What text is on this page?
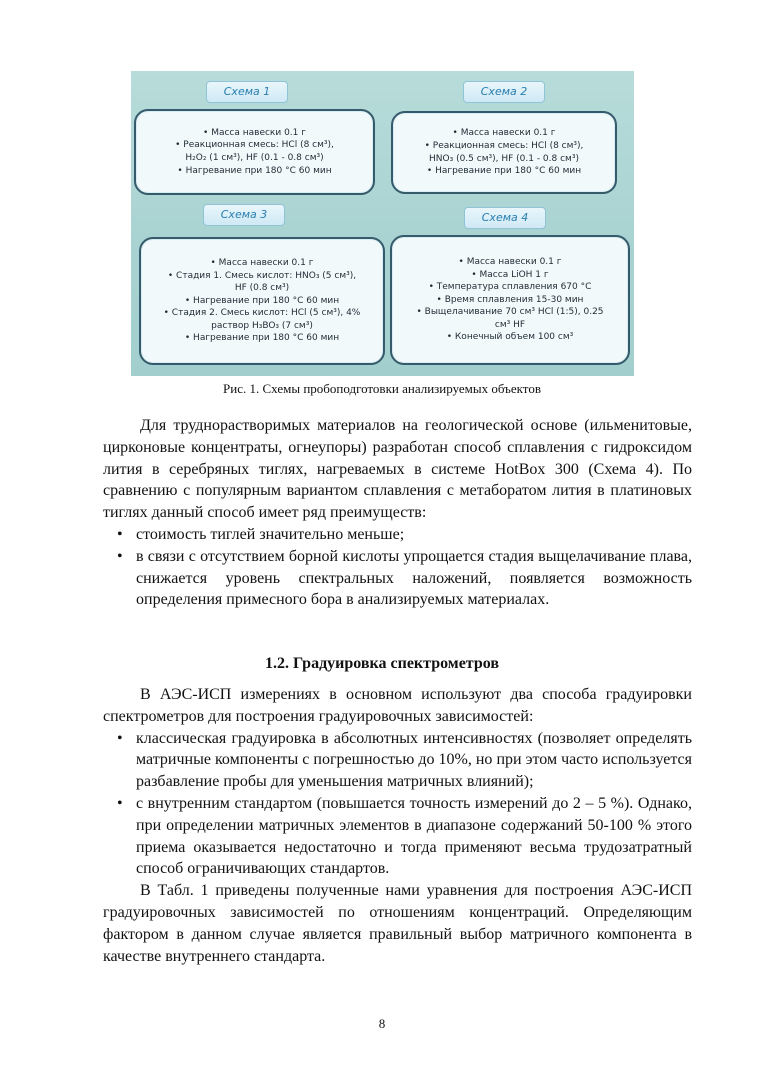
Схема 1
• Масса навески 0.1 г
• Реакционная смесь: HCl (8 см³),
H₂O₂ (1 см³), HF (0.1 - 0.8 см³)
• Нагревание при 180 °С 60 мин
Схема 2
• Масса навески 0.1 г
• Реакционная смесь: HCl (8 см³),
HNO₃ (0.5 см³), HF (0.1 - 0.8 см³)
• Нагревание при 180 °С 60 мин
Схема 3
• Масса навески 0.1 г
• Стадия 1. Смесь кислот: HNO₃ (5 см³),
HF (0.8 см³)
• Нагревание при 180 °С 60 мин
• Стадия 2. Смесь кислот: HCl (5 см³), 4%
раствор H₃BO₃ (7 см³)
• Нагревание при 180 °С 60 мин
Схема 4
• Масса навески 0.1 г
• Масса LiOH 1 г
• Температура сплавления 670 °С
• Время сплавления 15-30 мин
• Выщелачивание 70 см³ HCl (1:5), 0.25
см³ HF
• Конечный объем 100 см³
Рис. 1. Схемы пробоподготовки анализируемых объектов

Для труднорастворимых материалов на геологической основе (ильменитовые, цирконовые концентраты, огнеупоры) разработан способ сплавления с гидроксидом лития в серебряных тиглях, нагреваемых в системе HotBox 300 (Схема 4). По сравнению с популярным вариантом сплавления с метаборатом лития в платиновых тиглях данный способ имеет ряд преимуществ:

• стоимость тиглей значительно меньше;
• в связи с отсутствием борной кислоты упрощается стадия выщелачивание плава, снижается уровень спектральных наложений, появляется возможность определения примесного бора в анализируемых материалах.
1.2. Градуировка спектрометров

В АЭС-ИСП измерениях в основном используют два способа градуировки спектрометров для построения градуировочных зависимостей:

• классическая градуировка в абсолютных интенсивностях (позволяет определять матричные компоненты с погрешностью до 10%, но при этом часто используется разбавление пробы для уменьшения матричных влияний);
• с внутренним стандартом (повышается точность измерений до 2 – 5 %). Однако, при определении матричных элементов в диапазоне содержаний 50-100 % этого приема оказывается недостаточно и тогда применяют весьма трудозатратный способ ограничивающих стандартов.

В Табл. 1 приведены полученные нами уравнения для построения АЭС-ИСП градуировочных зависимостей по отношениям концентраций. Определяющим фактором в данном случае является правильный выбор матричного компонента в качестве внутреннего стандарта.

8
